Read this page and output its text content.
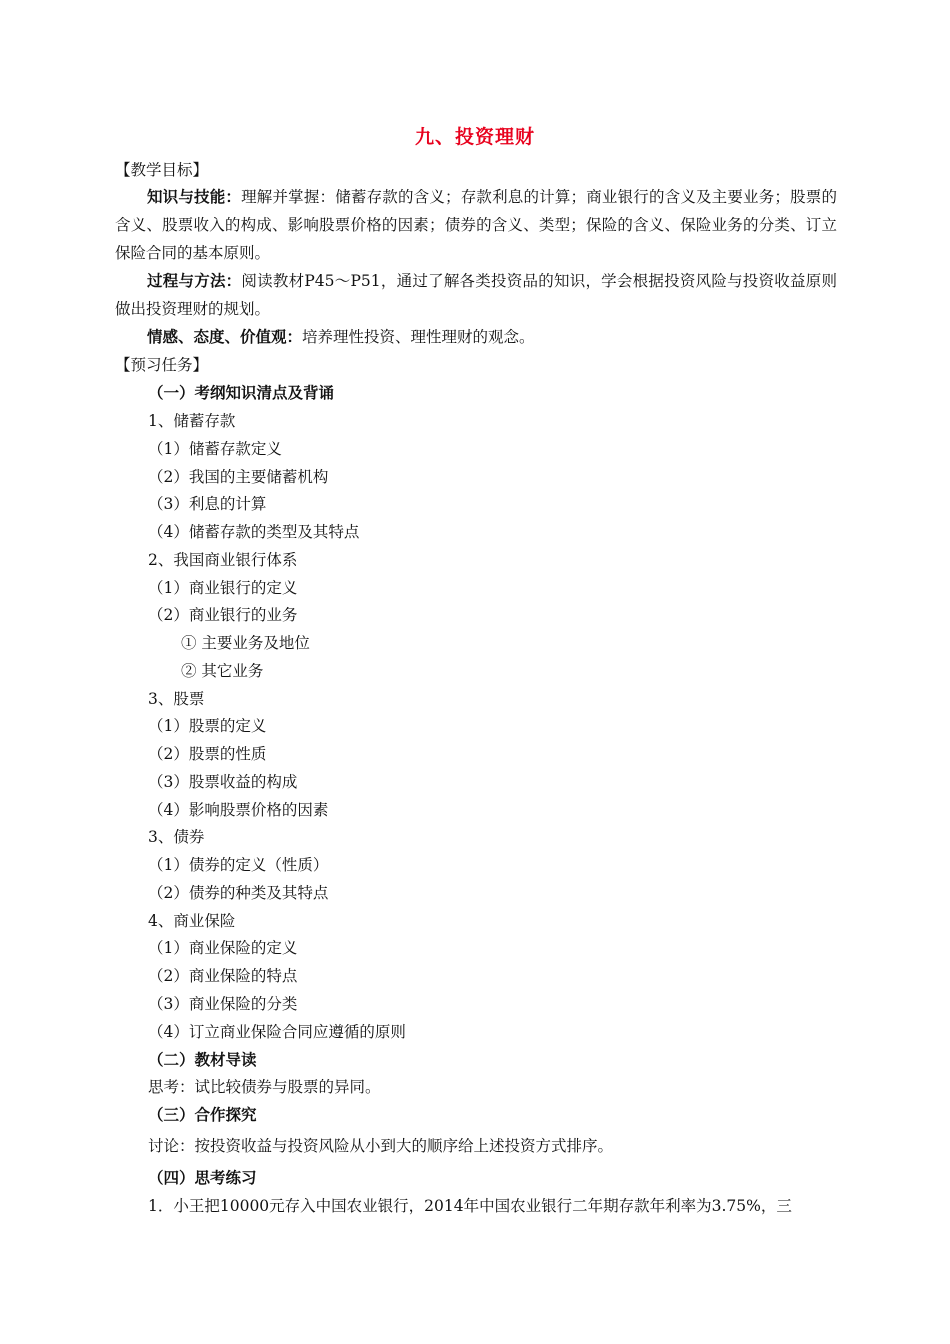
九、投资理财
【教学目标】
知识与技能：理解并掌握：储蓄存款的含义；存款利息的计算；商业银行的含义及主要业务；股票的含义、股票收入的构成、影响股票价格的因素；债券的含义、类型；保险的含义、保险业务的分类、订立保险合同的基本原则。
过程与方法：阅读教材P45～P51，通过了解各类投资品的知识，学会根据投资风险与投资收益原则做出投资理财的规划。
情感、态度、价值观：培养理性投资、理性理财的观念。
【预习任务】
（一）考纲知识清点及背诵
1、储蓄存款
（1）储蓄存款定义
（2）我国的主要储蓄机构
（3）利息的计算
（4）储蓄存款的类型及其特点
2、我国商业银行体系
（1）商业银行的定义
（2）商业银行的业务
① 主要业务及地位
② 其它业务
3、股票
（1）股票的定义
（2）股票的性质
（3）股票收益的构成
（4）影响股票价格的因素
3、债券
（1）债券的定义（性质）
（2）债券的种类及其特点
4、商业保险
（1）商业保险的定义
（2）商业保险的特点
（3）商业保险的分类
（4）订立商业保险合同应遵循的原则
（二）教材导读
思考：试比较债券与股票的异同。
（三）合作探究
讨论：按投资收益与投资风险从小到大的顺序给上述投资方式排序。
（四）思考练习
1．小王把10000元存入中国农业银行，2014年中国农业银行二年期存款年利率为3.75%，三
